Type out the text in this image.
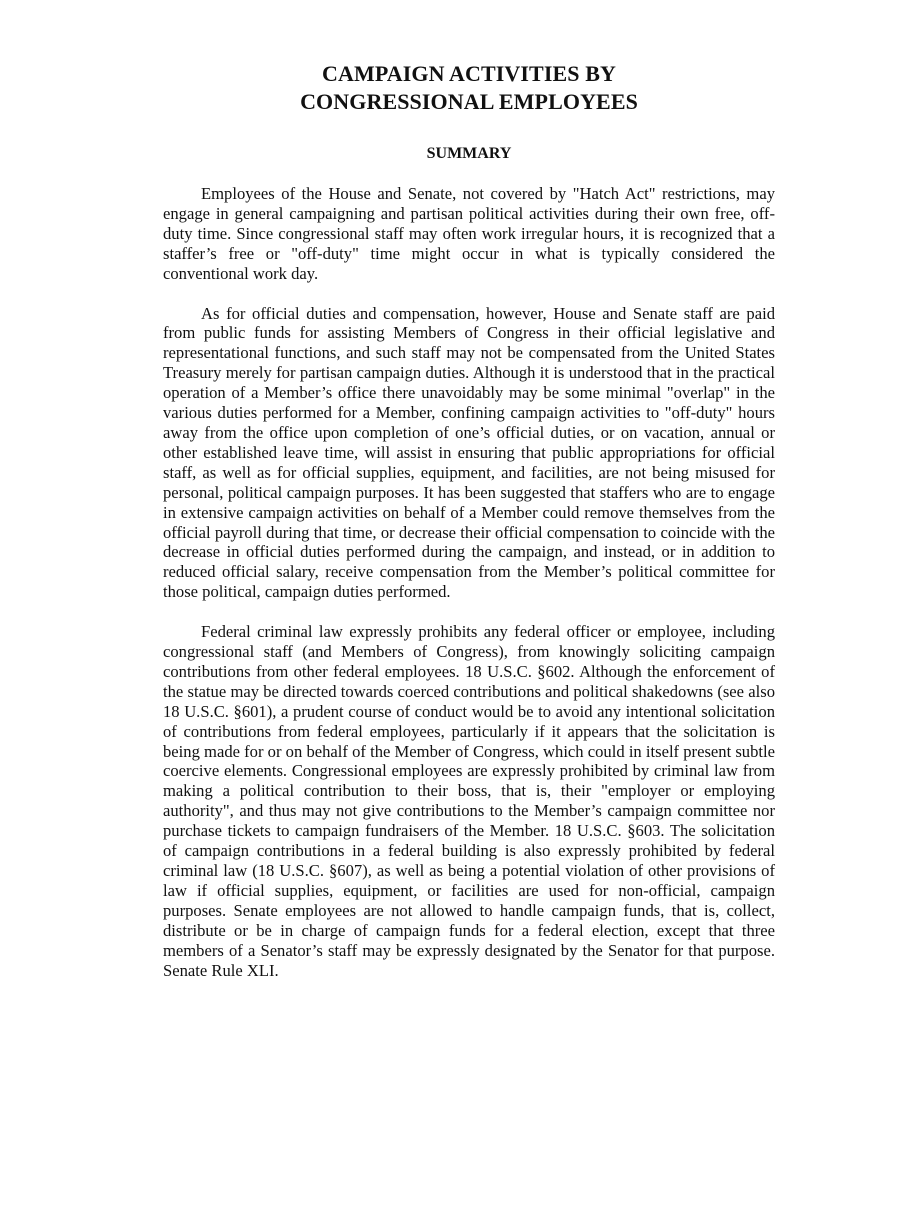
CAMPAIGN ACTIVITIES BY
CONGRESSIONAL EMPLOYEES
SUMMARY

Employees of the House and Senate, not covered by "Hatch Act" restrictions, may engage in general campaigning and partisan political activities during their own free, off-duty time. Since congressional staff may often work irregular hours, it is recognized that a staffer’s free or "off-duty" time might occur in what is typically considered the conventional work day.

As for official duties and compensation, however, House and Senate staff are paid from public funds for assisting Members of Congress in their official legislative and representational functions, and such staff may not be compensated from the United States Treasury merely for partisan campaign duties. Although it is understood that in the practical operation of a Member’s office there unavoidably may be some minimal "overlap" in the various duties performed for a Member, confining campaign activities to "off-duty" hours away from the office upon completion of one’s official duties, or on vacation, annual or other established leave time, will assist in ensuring that public appropriations for official staff, as well as for official supplies, equipment, and facilities, are not being misused for personal, political campaign purposes. It has been suggested that staffers who are to engage in extensive campaign activities on behalf of a Member could remove themselves from the official payroll during that time, or decrease their official compensation to coincide with the decrease in official duties performed during the campaign, and instead, or in addition to reduced official salary, receive compensation from the Member’s political committee for those political, campaign duties performed.

Federal criminal law expressly prohibits any federal officer or employee, including congressional staff (and Members of Congress), from knowingly soliciting campaign contributions from other federal employees. 18 U.S.C. §602. Although the enforcement of the statue may be directed towards coerced contributions and political shakedowns (see also 18 U.S.C. §601), a prudent course of conduct would be to avoid any intentional solicitation of contributions from federal employees, particularly if it appears that the solicitation is being made for or on behalf of the Member of Congress, which could in itself present subtle coercive elements. Congressional employees are expressly prohibited by criminal law from making a political contribution to their boss, that is, their "employer or employing authority", and thus may not give contributions to the Member’s campaign committee nor purchase tickets to campaign fundraisers of the Member. 18 U.S.C. §603. The solicitation of campaign contributions in a federal building is also expressly prohibited by federal criminal law (18 U.S.C. §607), as well as being a potential violation of other provisions of law if official supplies, equipment, or facilities are used for non-official, campaign purposes. Senate employees are not allowed to handle campaign funds, that is, collect, distribute or be in charge of campaign funds for a federal election, except that three members of a Senator’s staff may be expressly designated by the Senator for that purpose. Senate Rule XLI.
